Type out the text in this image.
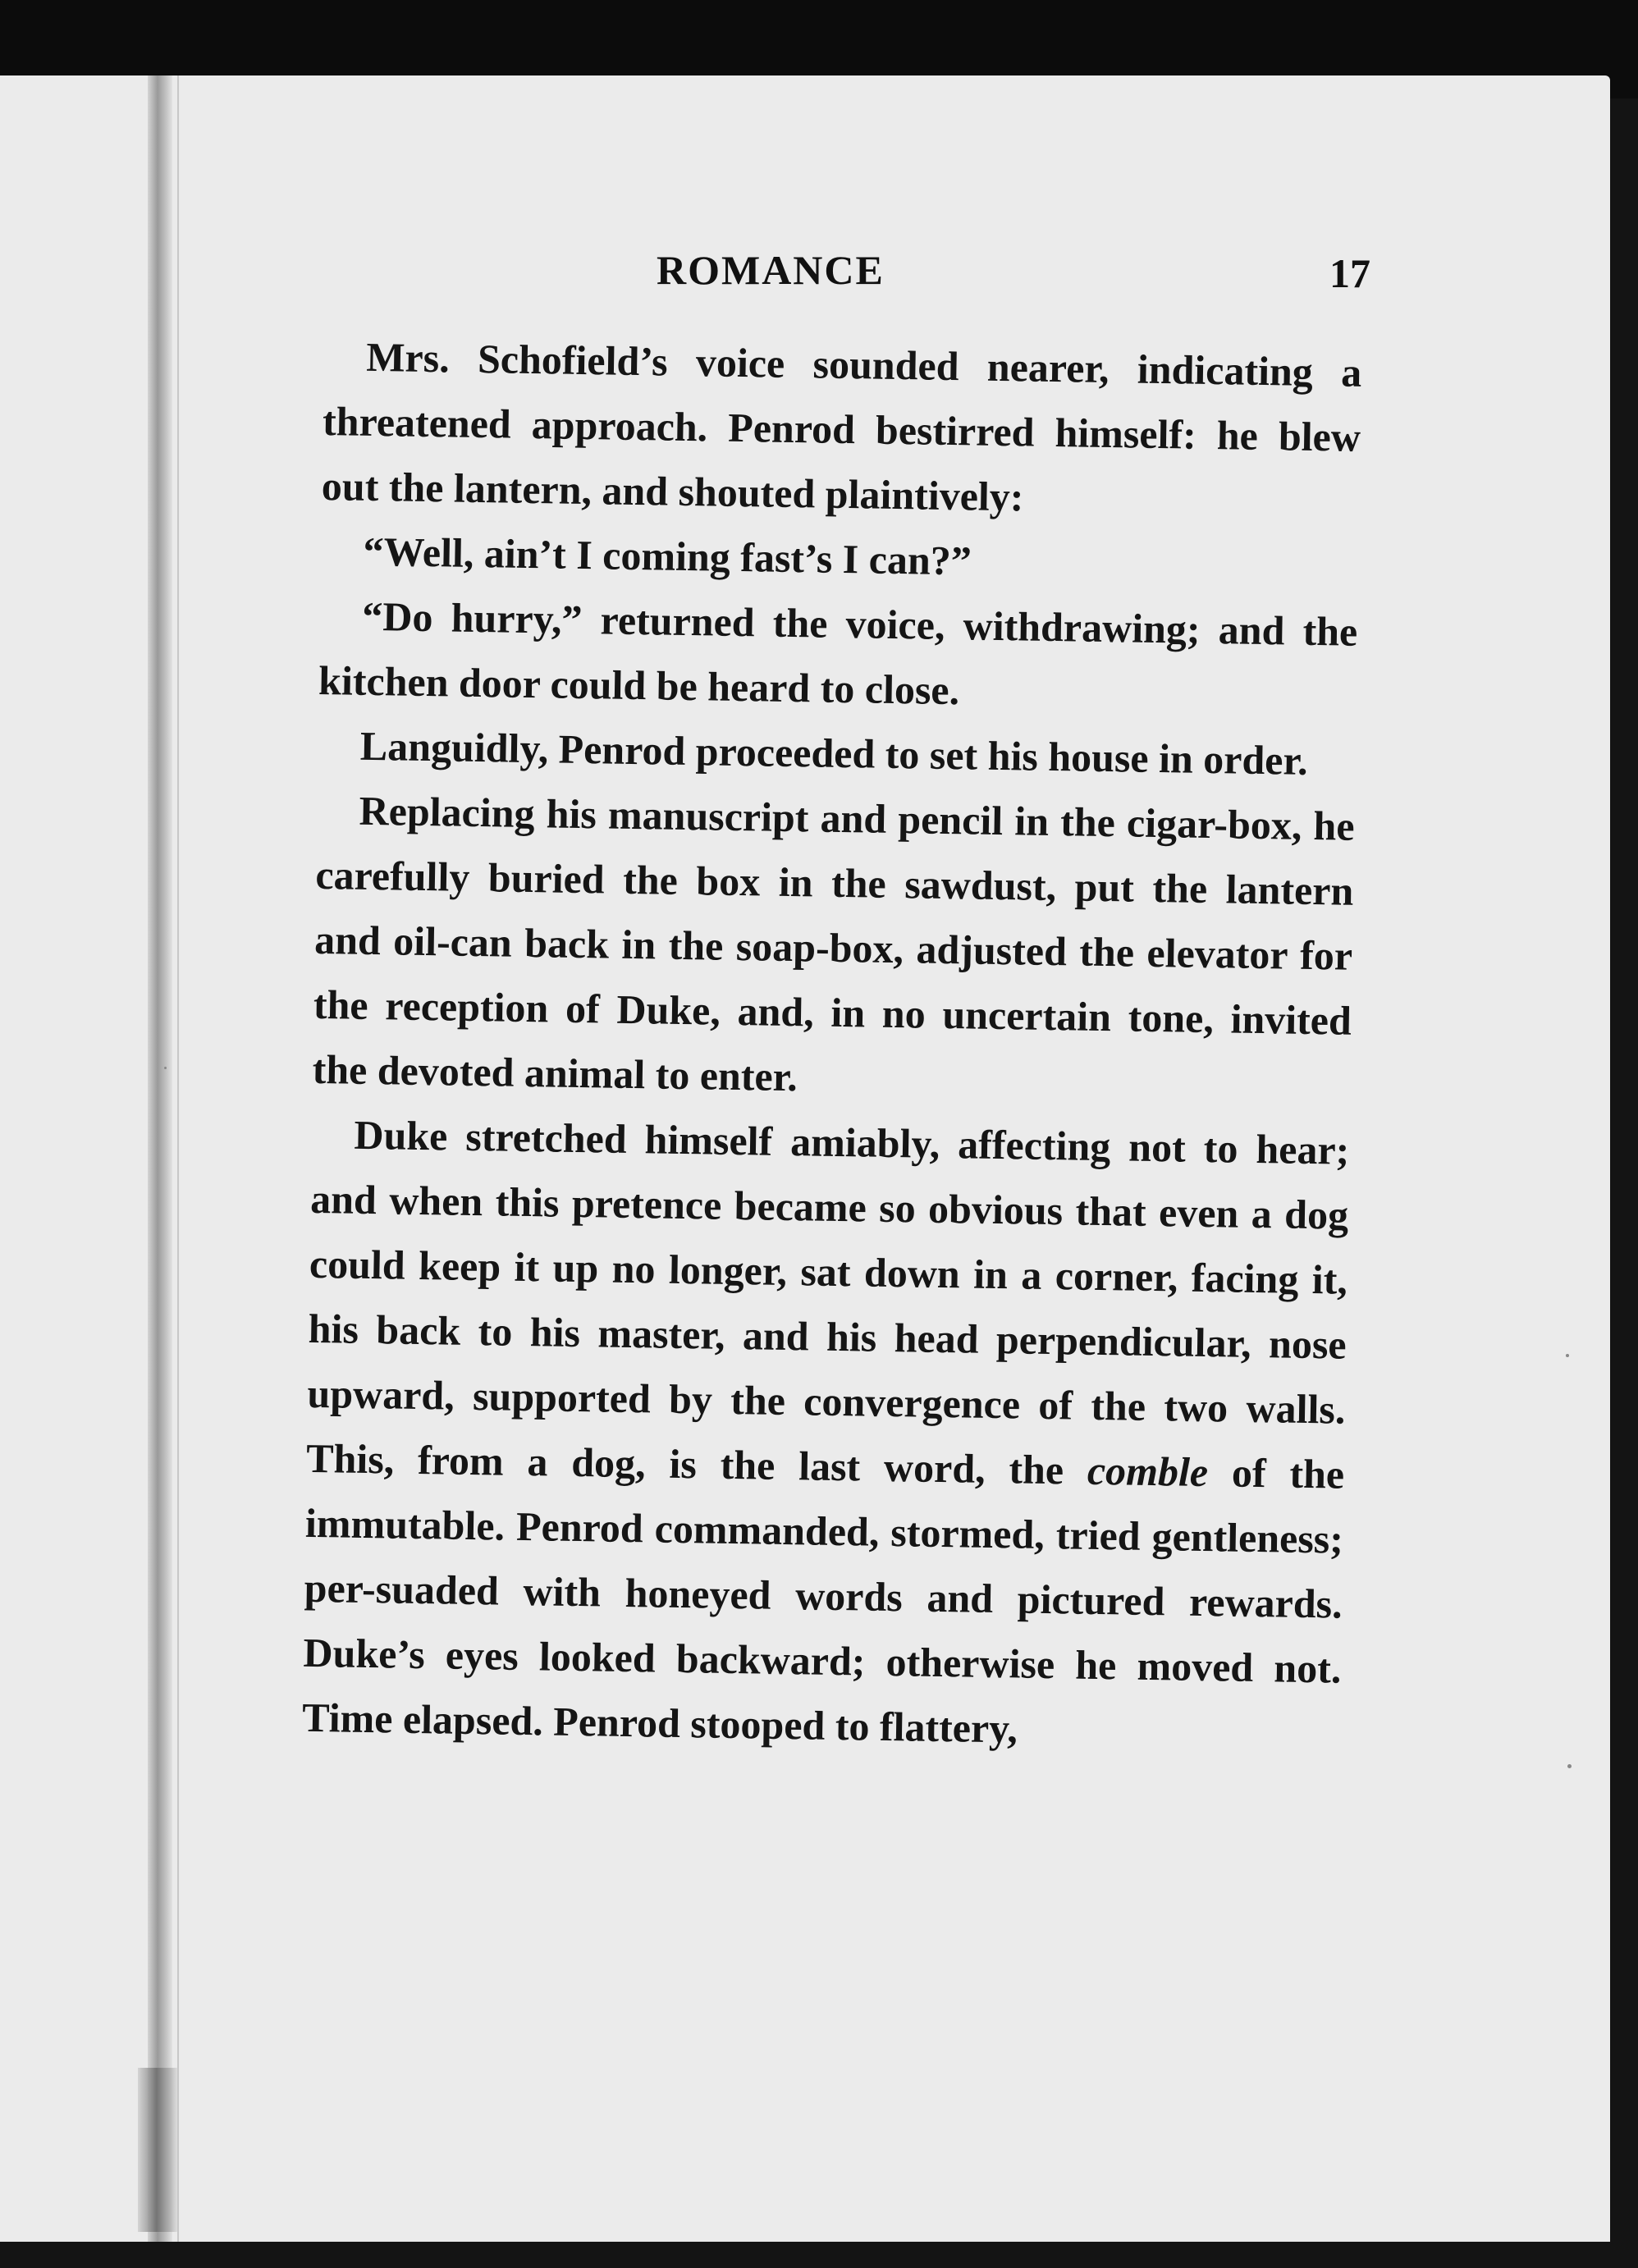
ROMANCE	17

Mrs. Schofield’s voice sounded nearer, indicating a threatened approach. Penrod bestirred himself: he blew out the lantern, and shouted plaintively:

“Well, ain’t I coming fast’s I can?”

“Do hurry,” returned the voice, withdrawing; and the kitchen door could be heard to close.

Languidly, Penrod proceeded to set his house in order.

Replacing his manuscript and pencil in the cigar-box, he carefully buried the box in the sawdust, put the lantern and oil-can back in the soap-box, adjusted the elevator for the reception of Duke, and, in no uncertain tone, invited the devoted animal to enter.

Duke stretched himself amiably, affecting not to hear; and when this pretence became so obvious that even a dog could keep it up no longer, sat down in a corner, facing it, his back to his master, and his head perpendicular, nose upward, supported by the convergence of the two walls. This, from a dog, is the last word, the comble of the immutable. Penrod commanded, stormed, tried gentleness; per-suaded with honeyed words and pictured rewards. Duke’s eyes looked backward; otherwise he moved not. Time elapsed. Penrod stooped to flattery,
